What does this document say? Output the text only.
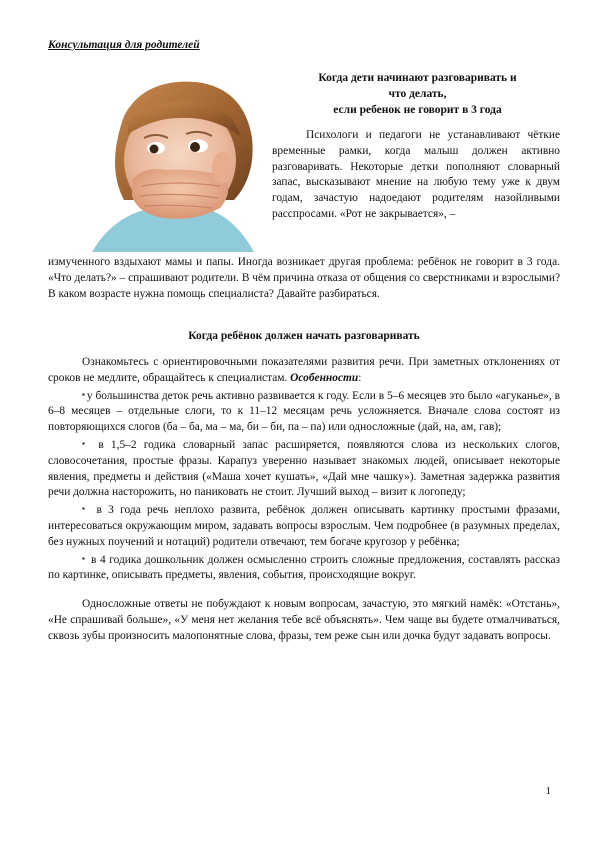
Консультация для родителей
Когда дети начинают разговаривать и
что делать,
если ребенок не говорит в 3 года
Психологи и педагоги не устанавливают чёткие временные рамки, когда малыш должен активно разговаривать. Некоторые детки пополняют словарный запас, высказывают мнение на любую тему уже к двум годам, зачастую надоедают родителям назойливыми расспросами. «Рот не закрывается», –
измученного вздыхают мамы и папы. Иногда возникает другая проблема: ребёнок не говорит в 3 года. «Что делать?» – спрашивают родители. В чём причина отказа от общения со сверстниками и взрослыми? В каком возрасте нужна помощь специалиста? Давайте разбираться.
Когда ребёнок должен начать разговаривать

Ознакомьтесь с ориентировочными показателями развития речи. При заметных отклонениях от сроков не медлите, обращайтесь к специалистам. Особенности:

▪ у большинства деток речь активно развивается к году. Если в 5–6 месяцев это было «агуканье», в 6–8 месяцев – отдельные слоги, то к 11–12 месяцам речь усложняется. Вначале слова состоят из повторяющихся слогов (ба – ба, ма – ма, би – би, па – па) или односложные (дай, на, ам, гав);

▪ в 1,5–2 годика словарный запас расширяется, появляются слова из нескольких слогов, словосочетания, простые фразы. Карапуз уверенно называет знакомых людей, описывает некоторые явления, предметы и действия («Маша хочет кушать», «Дай мне чашку»). Заметная задержка развития речи должна насторожить, но паниковать не стоит. Лучший выход – визит к логопеду;

▪ в 3 года речь неплохо развита, ребёнок должен описывать картинку простыми фразами, интересоваться окружающим миром, задавать вопросы взрослым. Чем подробнее (в разумных пределах, без нужных поучений и нотаций) родители отвечают, тем богаче кругозор у ребёнка;

▪ в 4 годика дошкольник должен осмысленно строить сложные предложения, составлять рассказ по картинке, описывать предметы, явления, события, происходящие вокруг.

Односложные ответы не побуждают к новым вопросам, зачастую, это мягкий намёк: «Отстань», «Не спрашивай больше», «У меня нет желания тебе всё объяснять». Чем чаще вы будете отмалчиваться, сквозь зубы произносить малопонятные слова, фразы, тем реже сын или дочка будут задавать вопросы.

1
